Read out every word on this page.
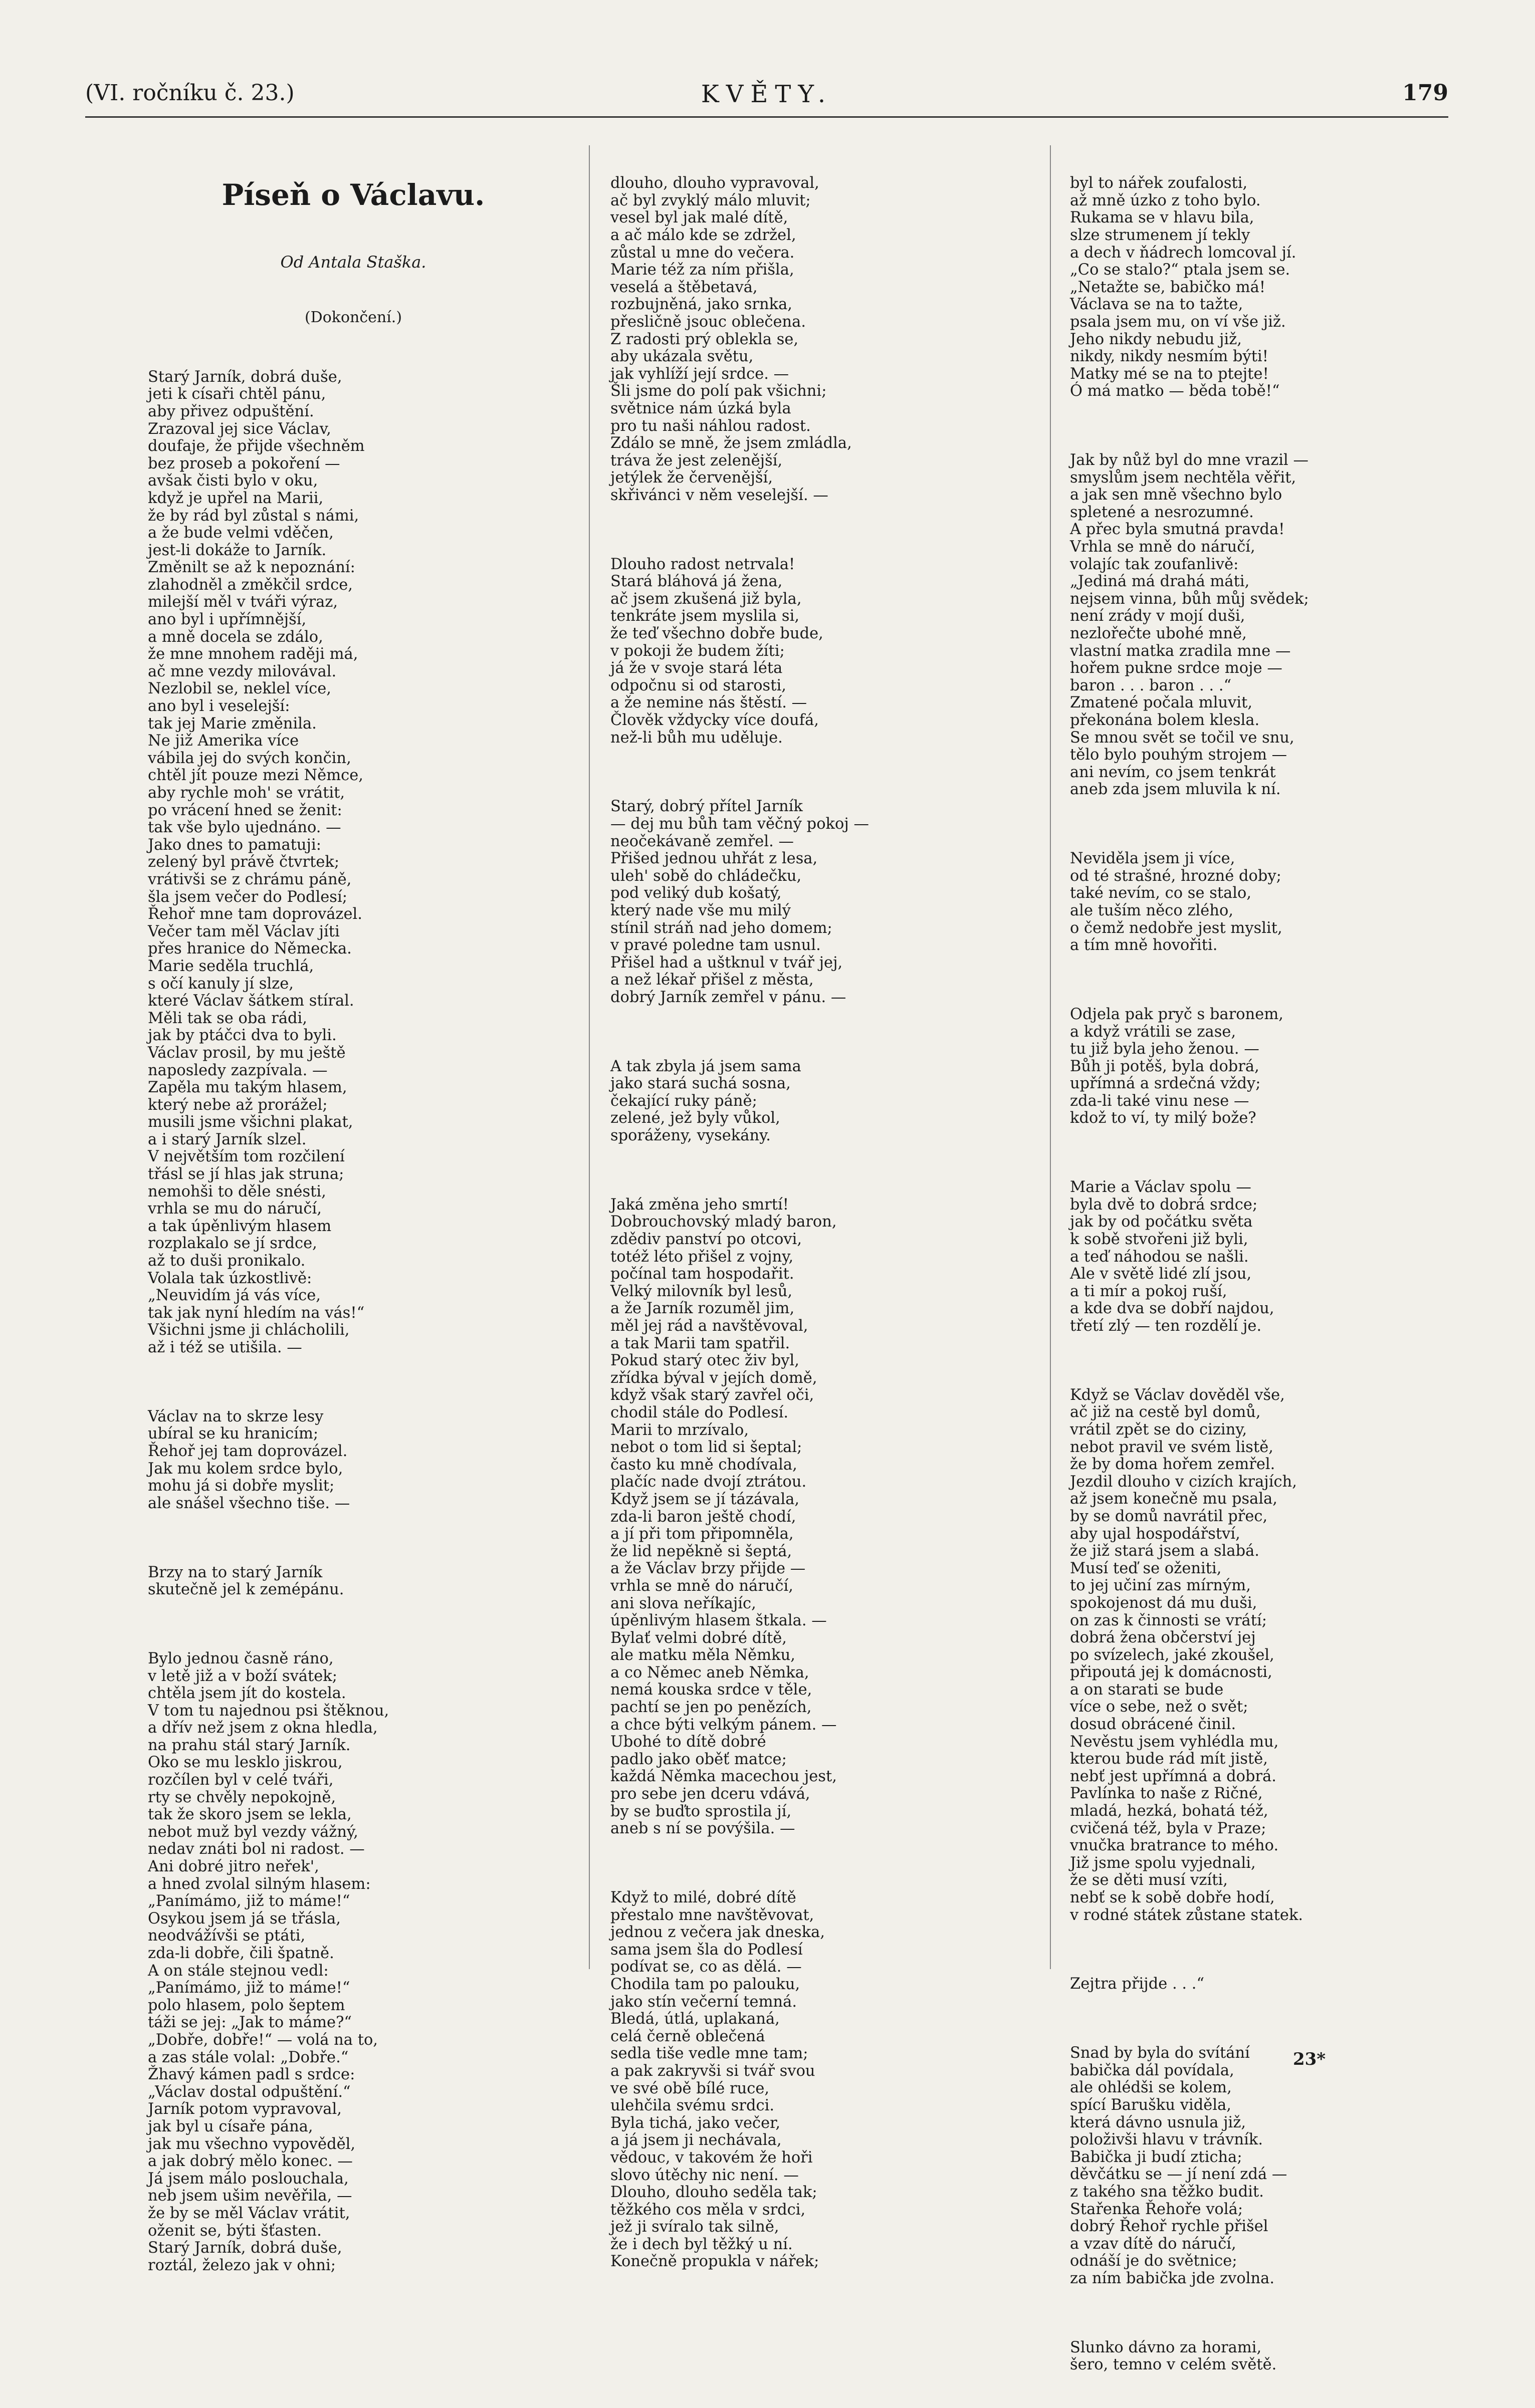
(VI. ročníku č. 23.)	KVĚTY.	179

Píseň o Václavu.

Od Antala Staška.

(Dokončení.)

Starý Jarník, dobrá duše,
jeti k císaři chtěl pánu,
aby přivez odpuštění.
Zrazoval jej sice Václav,
doufaje, že přijde všechněm
bez proseb a pokoření —
avšak čisti bylo v oku,
když je upřel na Marii,
že by rád byl zůstal s námi,
a že bude velmi vděčen,
jest-li dokáže to Jarník.
Změnilt se až k nepoznání:
zlahodněl a změkčil srdce,
milejší měl v tváři výraz,
ano byl i upřímnější,
a mně docela se zdálo,
že mne mnohem raději má,
ač mne vezdy milovával.
Nezlobil se, neklel více,
ano byl i veselejší:
tak jej Marie změnila.
Ne již Amerika více
vábila jej do svých končin,
chtěl jít pouze mezi Němce,
aby rychle moh' se vrátit,
po vrácení hned se ženit:
tak vše bylo ujednáno. —
Jako dnes to pamatuji:
zelený byl právě čtvrtek;
vrátivši se z chrámu páně,
šla jsem večer do Podlesí;
Řehoř mne tam doprovázel.
Večer tam měl Václav jíti
přes hranice do Německa.
Marie seděla truchlá,
s očí kanuly jí slze,
které Václav šátkem stíral.
Měli tak se oba rádi,
jak by ptáčci dva to byli.
Václav prosil, by mu ještě
naposledy zazpívala. —
Zapěla mu takým hlasem,
který nebe až prorážel;
musili jsme všichni plakat,
a i starý Jarník slzel.
V největším tom rozčilení
třásl se jí hlas jak struna;
nemohši to děle snésti,
vrhla se mu do náručí,
a tak úpěnlivým hlasem
rozplakalo se jí srdce,
až to duši pronikalo.
Volala tak úzkostlivě:
„Neuvidím já vás více,
tak jak nyní hledím na vás!“
Všichni jsme ji chlácholili,
až i též se utišila. —

Václav na to skrze lesy
ubíral se ku hranicím;
Řehoř jej tam doprovázel.
Jak mu kolem srdce bylo,
mohu já si dobře myslit;
ale snášel všechno tiše. —

Brzy na to starý Jarník
skutečně jel k zemépánu.

Bylo jednou časně ráno,
v letě již a v boží svátek;
chtěla jsem jít do kostela.
V tom tu najednou psi štěknou,
a dřív než jsem z okna hledla,
na prahu stál starý Jarník.
Oko se mu lesklo jiskrou,
rozčílen byl v celé tváři,
rty se chvěly nepokojně,
tak že skoro jsem se lekla,
nebot muž byl vezdy vážný,
nedav znáti bol ni radost. —
Ani dobré jitro neřek',
a hned zvolal silným hlasem:
„Panímámo, již to máme!“
Osykou jsem já se třásla,
neodvážívši se ptáti,
zda-li dobře, čili špatně.
A on stále stejnou vedl:
„Panímámo, již to máme!“
polo hlasem, polo šeptem
táži se jej: „Jak to máme?“
„Dobře, dobře!“ — volá na to,
a zas stále volal: „Dobře.“
Žhavý kámen padl s srdce:
„Václav dostal odpuštění.“
Jarník potom vypravoval,
jak byl u císaře pána,
jak mu všechno vypověděl,
a jak dobrý mělo konec. —
Já jsem málo poslouchala,
neb jsem ušim nevěřila, —
že by se měl Václav vrátit,
oženit se, býti šťasten.
Starý Jarník, dobrá duše,
roztál, železo jak v ohni;

dlouho, dlouho vypravoval,
ač byl zvyklý málo mluvit;
vesel byl jak malé dítě,
a ač málo kde se zdržel,
zůstal u mne do večera.
Marie též za ním přišla,
veselá a štěbetavá,
rozbujněná, jako srnka,
přesličně jsouc oblečena.
Z radosti prý oblekla se,
aby ukázala světu,
jak vyhlíží její srdce. —
Šli jsme do polí pak všichni;
světnice nám úzká byla
pro tu naši náhlou radost.
Zdálo se mně, že jsem zmládla,
tráva že jest zelenější,
jetýlek že červenější,
skřivánci v něm veselejší. —

Dlouho radost netrvala!
Stará bláhová já žena,
ač jsem zkušená již byla,
tenkráte jsem myslila si,
že teď všechno dobře bude,
v pokoji že budem žíti;
já že v svoje stará léta
odpočnu si od starosti,
a že nemine nás štěstí. —
Člověk vždycky více doufá,
než-li bůh mu uděluje.

Starý, dobrý přítel Jarník
— dej mu bůh tam věčný pokoj —
neočekávaně zemřel. —
Přišed jednou uhřát z lesa,
uleh' sobě do chládečku,
pod veliký dub košatý,
který nade vše mu milý
stínil stráň nad jeho domem;
v pravé poledne tam usnul.
Přišel had a uštknul v tvář jej,
a než lékař přišel z města,
dobrý Jarník zemřel v pánu. —

A tak zbyla já jsem sama
jako stará suchá sosna,
čekající ruky páně;
zelené, jež byly vůkol,
sporáženy, vysekány.

Jaká změna jeho smrtí!
Dobrouchovský mladý baron,
zdědiv panství po otcovi,
totéž léto přišel z vojny,
počínal tam hospodařit.
Velký milovník byl lesů,
a že Jarník rozuměl jim,
měl jej rád a navštěvoval,
a tak Marii tam spatřil.
Pokud starý otec živ byl,
zřídka býval v jejích domě,
když však starý zavřel oči,
chodil stále do Podlesí.
Marii to mrzívalo,
nebot o tom lid si šeptal;
často ku mně chodívala,
plačíc nade dvojí ztrátou.
Když jsem se jí tázávala,
zda-li baron ještě chodí,
a jí při tom připomněla,
že lid nepěkně si šeptá,
a že Václav brzy přijde —
vrhla se mně do náručí,
ani slova neříkajíc,
úpěnlivým hlasem štkala. —
Bylať velmi dobré dítě,
ale matku měla Němku,
a co Němec aneb Němka,
nemá kouska srdce v těle,
pachtí se jen po penězích,
a chce býti velkým pánem. —
Ubohé to dítě dobré
padlo jako oběť matce;
každá Němka macechou jest,
pro sebe jen dceru vdává,
by se buďto sprostila jí,
aneb s ní se povýšila. —

Když to milé, dobré dítě
přestalo mne navštěvovat,
jednou z večera jak dneska,
sama jsem šla do Podlesí
podívat se, co as dělá. —
Chodila tam po palouku,
jako stín večerní temná.
Bledá, útlá, uplakaná,
celá černě oblečená
sedla tiše vedle mne tam;
a pak zakryvši si tvář svou
ve své obě bílé ruce,
ulehčila svému srdci.
Byla tichá, jako večer,
a já jsem ji nechávala,
vědouc, v takovém že hoři
slovo útěchy nic není. —
Dlouho, dlouho seděla tak;
těžkého cos měla v srdci,
jež ji svíralo tak silně,
že i dech byl těžký u ní.
Konečně propukla v nářek;

byl to nářek zoufalosti,
až mně úzko z toho bylo.
Rukama se v hlavu bila,
slze strumenem jí tekly
a dech v ňádrech lomcoval jí.
„Co se stalo?“ ptala jsem se.
„Netažte se, babičko má!
Václava se na to tažte,
psala jsem mu, on ví vše již.
Jeho nikdy nebudu již,
nikdy, nikdy nesmím býti!
Matky mé se na to ptejte!
Ó má matko — běda tobě!“

Jak by nůž byl do mne vrazil —
smyslům jsem nechtěla věřit,
a jak sen mně všechno bylo
spletené a nesrozumné.
A přec byla smutná pravda!
Vrhla se mně do náručí,
volajíc tak zoufanlivě:
„Jediná má drahá máti,
nejsem vinna, bůh můj svědek;
není zrády v mojí duši,
nezlořečte ubohé mně,
vlastní matka zradila mne —
hořem pukne srdce moje —
baron . . . baron . . .“
Zmatené počala mluvit,
překonána bolem klesla.
Se mnou svět se točil ve snu,
tělo bylo pouhým strojem —
ani nevím, co jsem tenkrát
aneb zda jsem mluvila k ní.

Neviděla jsem ji více,
od té strašné, hrozné doby;
také nevím, co se stalo,
ale tuším něco zlého,
o čemž nedobře jest myslit,
a tím mně hovořiti.

Odjela pak pryč s baronem,
a když vrátili se zase,
tu již byla jeho ženou. —
Bůh ji potěš, byla dobrá,
upřímná a srdečná vždy;
zda-li také vinu nese —
kdož to ví, ty milý bože?

Marie a Václav spolu —
byla dvě to dobrá srdce;
jak by od počátku světa
k sobě stvořeni již byli,
a teď náhodou se našli.
Ale v světě lidé zlí jsou,
a ti mír a pokoj ruší,
a kde dva se dobří najdou,
třetí zlý — ten rozdělí je.

Když se Václav dověděl vše,
ač již na cestě byl domů,
vrátil zpět se do ciziny,
nebot pravil ve svém listě,
že by doma hořem zemřel.
Jezdil dlouho v cizích krajích,
až jsem konečně mu psala,
by se domů navrátil přec,
aby ujal hospodářství,
že již stará jsem a slabá.
Musí teď se oženiti,
to jej učiní zas mírným,
spokojenost dá mu duši,
on zas k činnosti se vrátí;
dobrá žena občerství jej
po svízelech, jaké zkoušel,
připoutá jej k domácnosti,
a on starati se bude
více o sebe, než o svět;
dosud obrácené činil.
Nevěstu jsem vyhlédla mu,
kterou bude rád mít jistě,
nebť jest upřímná a dobrá.
Pavlínka to naše z Ričné,
mladá, hezká, bohatá též,
cvičená též, byla v Praze;
vnučka bratrance to mého.
Již jsme spolu vyjednali,
že se děti musí vzíti,
nebť se k sobě dobře hodí,
v rodné státek zůstane statek.

Zejtra přijde . . .“

Snad by byla do svítání
babička dál povídala,
ale ohlédši se kolem,
spící Barušku viděla,
která dávno usnula již,
položivši hlavu v trávník.
Babička ji budí zticha;
děvčátku se — jí není zdá —
z takého sna těžko budit.
Stařenka Řehoře volá;
dobrý Řehoř rychle přišel
a vzav dítě do náručí,
odnáší je do světnice;
za ním babička jde zvolna.

Slunko dávno za horami,
šero, temno v celém světě.

23*
